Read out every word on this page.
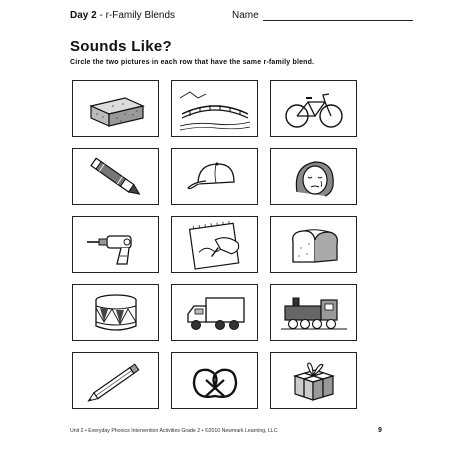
Day 2 - r-Family Blends	Name
Sounds Like?
Circle the two pictures in each row that have the same r-family blend.
Unit 2 • Everyday Phonics Intervention Activities Grade 2 • ©2010 Newmark Learning, LLC	9
